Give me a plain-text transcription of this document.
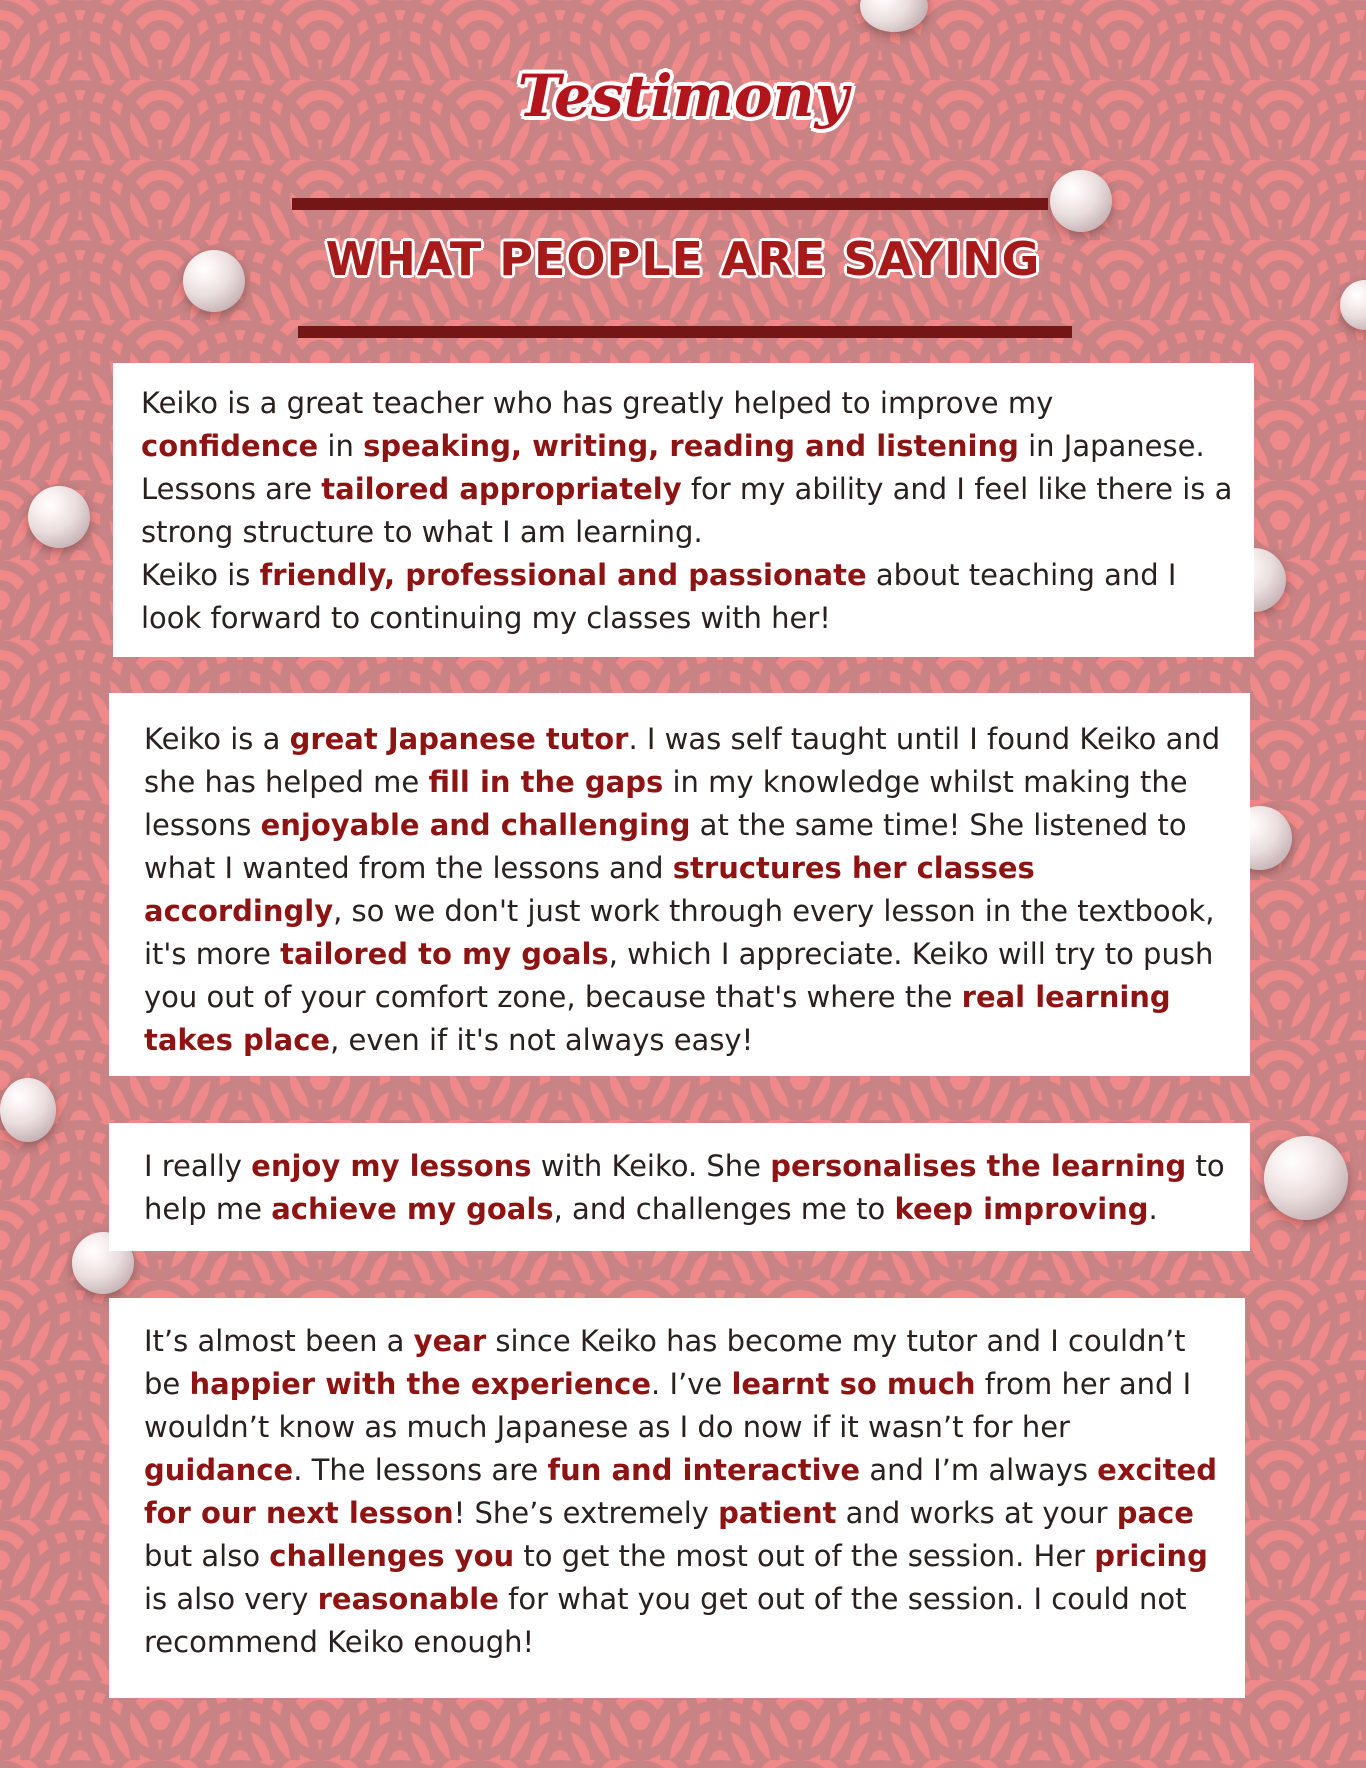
Testimony
WHAT PEOPLE ARE SAYING

Keiko is a great teacher who has greatly helped to improve my confidence in speaking, writing, reading and listening in Japanese. Lessons are tailored appropriately for my ability and I feel like there is a strong structure to what I am learning.

Keiko is friendly, professional and passionate about teaching and I look forward to continuing my classes with her!

Keiko is a great Japanese tutor. I was self taught until I found Keiko and she has helped me fill in the gaps in my knowledge whilst making the lessons enjoyable and challenging at the same time! She listened to what I wanted from the lessons and structures her classes accordingly, so we don't just work through every lesson in the textbook, it's more tailored to my goals, which I appreciate. Keiko will try to push you out of your comfort zone, because that's where the real learning takes place, even if it's not always easy!

I really enjoy my lessons with Keiko. She personalises the learning to help me achieve my goals, and challenges me to keep improving.

It’s almost been a year since Keiko has become my tutor and I couldn’t be happier with the experience. I’ve learnt so much from her and I wouldn’t know as much Japanese as I do now if it wasn’t for her guidance. The lessons are fun and interactive and I’m always excited for our next lesson! She’s extremely patient and works at your pace but also challenges you to get the most out of the session. Her pricing is also very reasonable for what you get out of the session. I could not recommend Keiko enough!
